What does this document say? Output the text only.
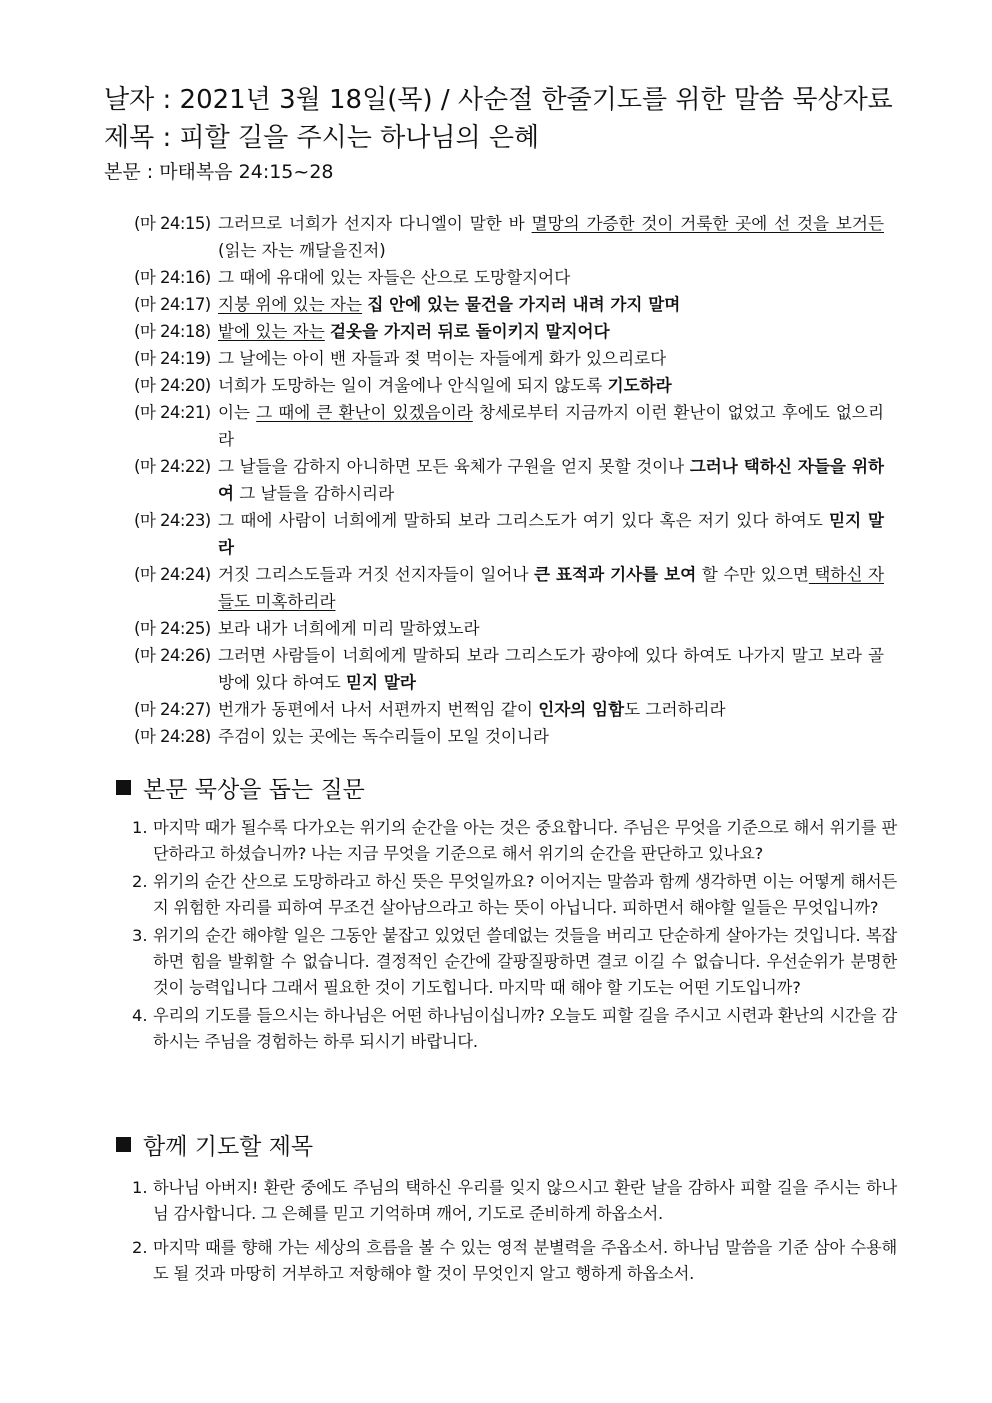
날자 : 2021년 3월 18일(목) / 사순절 한줄기도를 위한 말씀 묵상자료
제목 : 피할 길을 주시는 하나님의 은혜
본문 : 마태복음 24:15~28
(마 24:15) 그러므로 너희가 선지자 다니엘이 말한 바 멸망의 가증한 것이 거룩한 곳에 선 것을 보거든 (읽는 자는 깨달을진저)
(마 24:16) 그 때에 유대에 있는 자들은 산으로 도망할지어다
(마 24:17) 지붕 위에 있는 자는 집 안에 있는 물건을 가지러 내려 가지 말며
(마 24:18) 밭에 있는 자는 겉옷을 가지러 뒤로 돌이키지 말지어다
(마 24:19) 그 날에는 아이 밴 자들과 젖 먹이는 자들에게 화가 있으리로다
(마 24:20) 너희가 도망하는 일이 겨울에나 안식일에 되지 않도록 기도하라
(마 24:21) 이는 그 때에 큰 환난이 있겠음이라 창세로부터 지금까지 이런 환난이 없었고 후에도 없으리라
(마 24:22) 그 날들을 감하지 아니하면 모든 육체가 구원을 얻지 못할 것이나 그러나 택하신 자들을 위하여 그 날들을 감하시리라
(마 24:23) 그 때에 사람이 너희에게 말하되 보라 그리스도가 여기 있다 혹은 저기 있다 하여도 믿지 말라
(마 24:24) 거짓 그리스도들과 거짓 선지자들이 일어나 큰 표적과 기사를 보여 할 수만 있으면 택하신 자들도 미혹하리라
(마 24:25) 보라 내가 너희에게 미리 말하였노라
(마 24:26) 그러면 사람들이 너희에게 말하되 보라 그리스도가 광야에 있다 하여도 나가지 말고 보라 골방에 있다 하여도 믿지 말라
(마 24:27) 번개가 동편에서 나서 서편까지 번쩍임 같이 인자의 임함도 그러하리라
(마 24:28) 주검이 있는 곳에는 독수리들이 모일 것이니라
본문 묵상을 돕는 질문
1. 마지막 때가 될수록 다가오는 위기의 순간을 아는 것은 중요합니다. 주님은 무엇을 기준으로 해서 위기를 판단하라고 하셨습니까? 나는 지금 무엇을 기준으로 해서 위기의 순간을 판단하고 있나요?
2. 위기의 순간 산으로 도망하라고 하신 뜻은 무엇일까요? 이어지는 말씀과 함께 생각하면 이는 어떻게 해서든지 위험한 자리를 피하여 무조건 살아남으라고 하는 뜻이 아닙니다. 피하면서 해야할 일들은 무엇입니까?
3. 위기의 순간 해야할 일은 그동안 붙잡고 있었던 쓸데없는 것들을 버리고 단순하게 살아가는 것입니다. 복잡하면 힘을 발휘할 수 없습니다. 결정적인 순간에 갈팡질팡하면 결코 이길 수 없습니다. 우선순위가 분명한 것이 능력입니다 그래서 필요한 것이 기도힙니다. 마지막 때 해야 할 기도는 어떤 기도입니까?
4. 우리의 기도를 들으시는 하나님은 어떤 하나님이십니까? 오늘도 피할 길을 주시고 시련과 환난의 시간을 감하시는 주님을 경험하는 하루 되시기 바랍니다.
함께 기도할 제목
1. 하나님 아버지! 환란 중에도 주님의 택하신 우리를 잊지 않으시고 환란 날을 감하사 피할 길을 주시는 하나님 감사합니다. 그 은혜를 믿고 기억하며 깨어, 기도로 준비하게 하옵소서.
2. 마지막 때를 향해 가는 세상의 흐름을 볼 수 있는 영적 분별력을 주옵소서. 하나님 말씀을 기준 삼아 수용해도 될 것과 마땅히 거부하고 저항해야 할 것이 무엇인지 알고 행하게 하옵소서.
